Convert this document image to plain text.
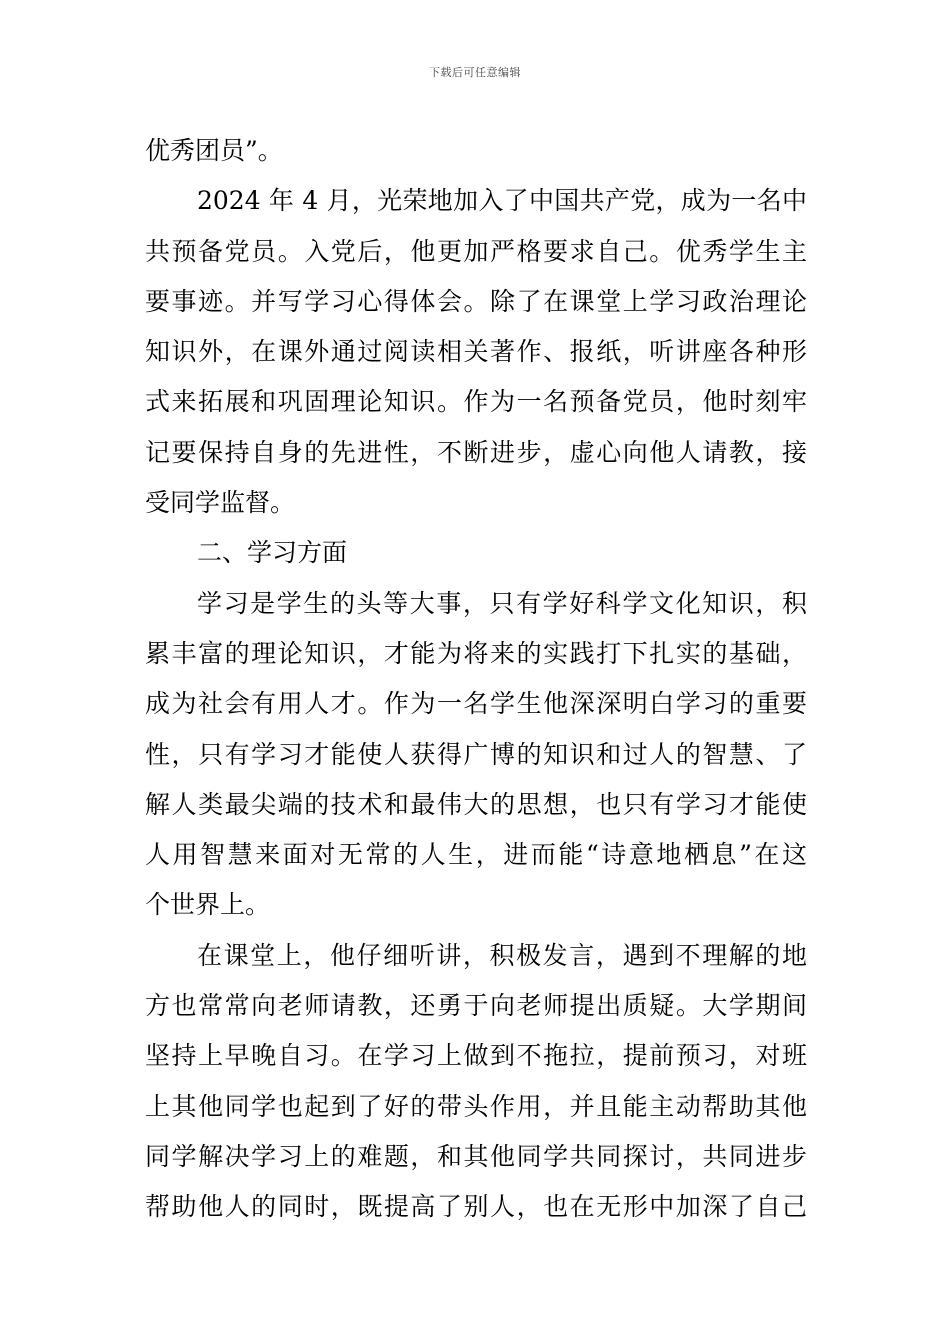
下载后可任意编辑
优秀团员”。
2024 年 4 月，光荣地加入了中国共产党，成为一名中
共预备党员。入党后，他更加严格要求自己。优秀学生主
要事迹。并写学习心得体会。除了在课堂上学习政治理论
知识外，在课外通过阅读相关著作、报纸，听讲座各种形
式来拓展和巩固理论知识。作为一名预备党员，他时刻牢
记要保持自身的先进性，不断进步，虚心向他人请教，接
受同学监督。
二、学习方面
学习是学生的头等大事，只有学好科学文化知识，积
累丰富的理论知识，才能为将来的实践打下扎实的基础，
成为社会有用人才。作为一名学生他深深明白学习的重要
性，只有学习才能使人获得广博的知识和过人的智慧、了
解人类最尖端的技术和最伟大的思想，也只有学习才能使
人用智慧来面对无常的人生，进而能“诗意地栖息”在这
个世界上。
在课堂上，他仔细听讲，积极发言，遇到不理解的地
方也常常向老师请教，还勇于向老师提出质疑。大学期间
坚持上早晚自习。在学习上做到不拖拉，提前预习，对班
上其他同学也起到了好的带头作用，并且能主动帮助其他
同学解决学习上的难题，和其他同学共同探讨，共同进步
帮助他人的同时，既提高了别人，也在无形中加深了自己
